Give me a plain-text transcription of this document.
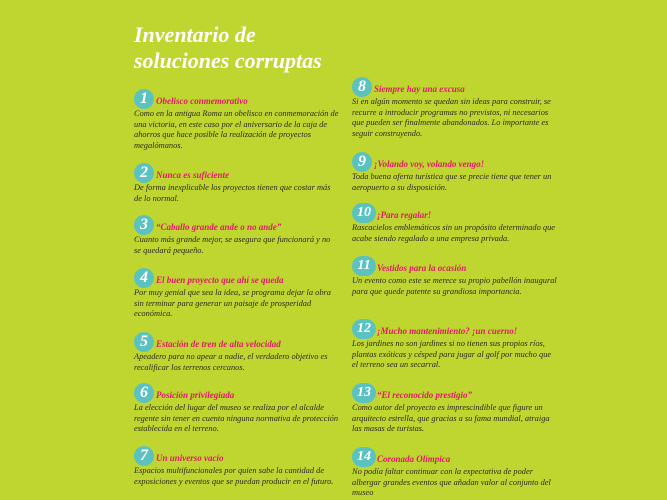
Inventario de
soluciones corruptas
1 Obelisco conmemorativo
Como en la antigua Roma un obelisco en conmemoración de una victoria, en este caso por el aniversario de la caja de ahorros que hace posible la realización de proyectos megalómanos.
2 Nunca es suficiente
De forma inexplicable los proyectos tienen que costar más de lo normal.
3 “Caballo grande ande o no ande”
Cuanto más grande mejor, se asegura que funcionará y no se quedará pequeño.
4 El buen proyecto que ahí se queda
Por muy genial que sea la idea, se programa dejar la obra sin terminar para generar un paisaje de prosperidad económica.
5 Estación de tren de alta velocidad
Apeadero para no apear a nadie, el verdadero objetivo es recalificar los terrenos cercanos.
6 Posición privilegiada
La elección del lugar del museo se realiza por el alcalde regente sin tener en cuenta ninguna normativa de protección establecida en el terreno.
7 Un universo vacío
Espacios multifuncionales por quien sabe la cantidad de exposiciones y eventos que se puedan producir en el futuro.
8 Siempre hay una excusa
Si en algún momento se quedan sin ideas para construir, se recurre a introducir programas no previstos, ni necesarios que pueden ser finalmente abandonados. Lo importante es seguir construyendo.
9 ¡Volando voy, volando vengo!
Toda buena oferta turística que se precie tiene que tener un aeropuerto a su disposición.
10 ¡Para regalar!
Rascacielos emblemáticos sin un propósito determinado que acabe siendo regalado a una empresa privada.
11 Vestidos para la ocasión
Un evento como este se merece su propio pabellón inaugural para que quede patente su grandiosa importancia.
12 ¡Mucho mantenimiento? ¡un cuerno!
Los jardines no son jardines si no tienen sus propios ríos, plantas exóticas y césped para jugar al golf por mucho que el terreno sea un secarral.
13 “El reconocido prestigio”
Como autor del proyecto es imprescindible que figure un arquitecto estrella, que gracias a su fama mundial, atraiga las masas de turistas.
14 Coronada Olímpica
No podía faltar continuar con la expectativa de poder albergar grandes eventos que añadan valor al conjunto del museo
